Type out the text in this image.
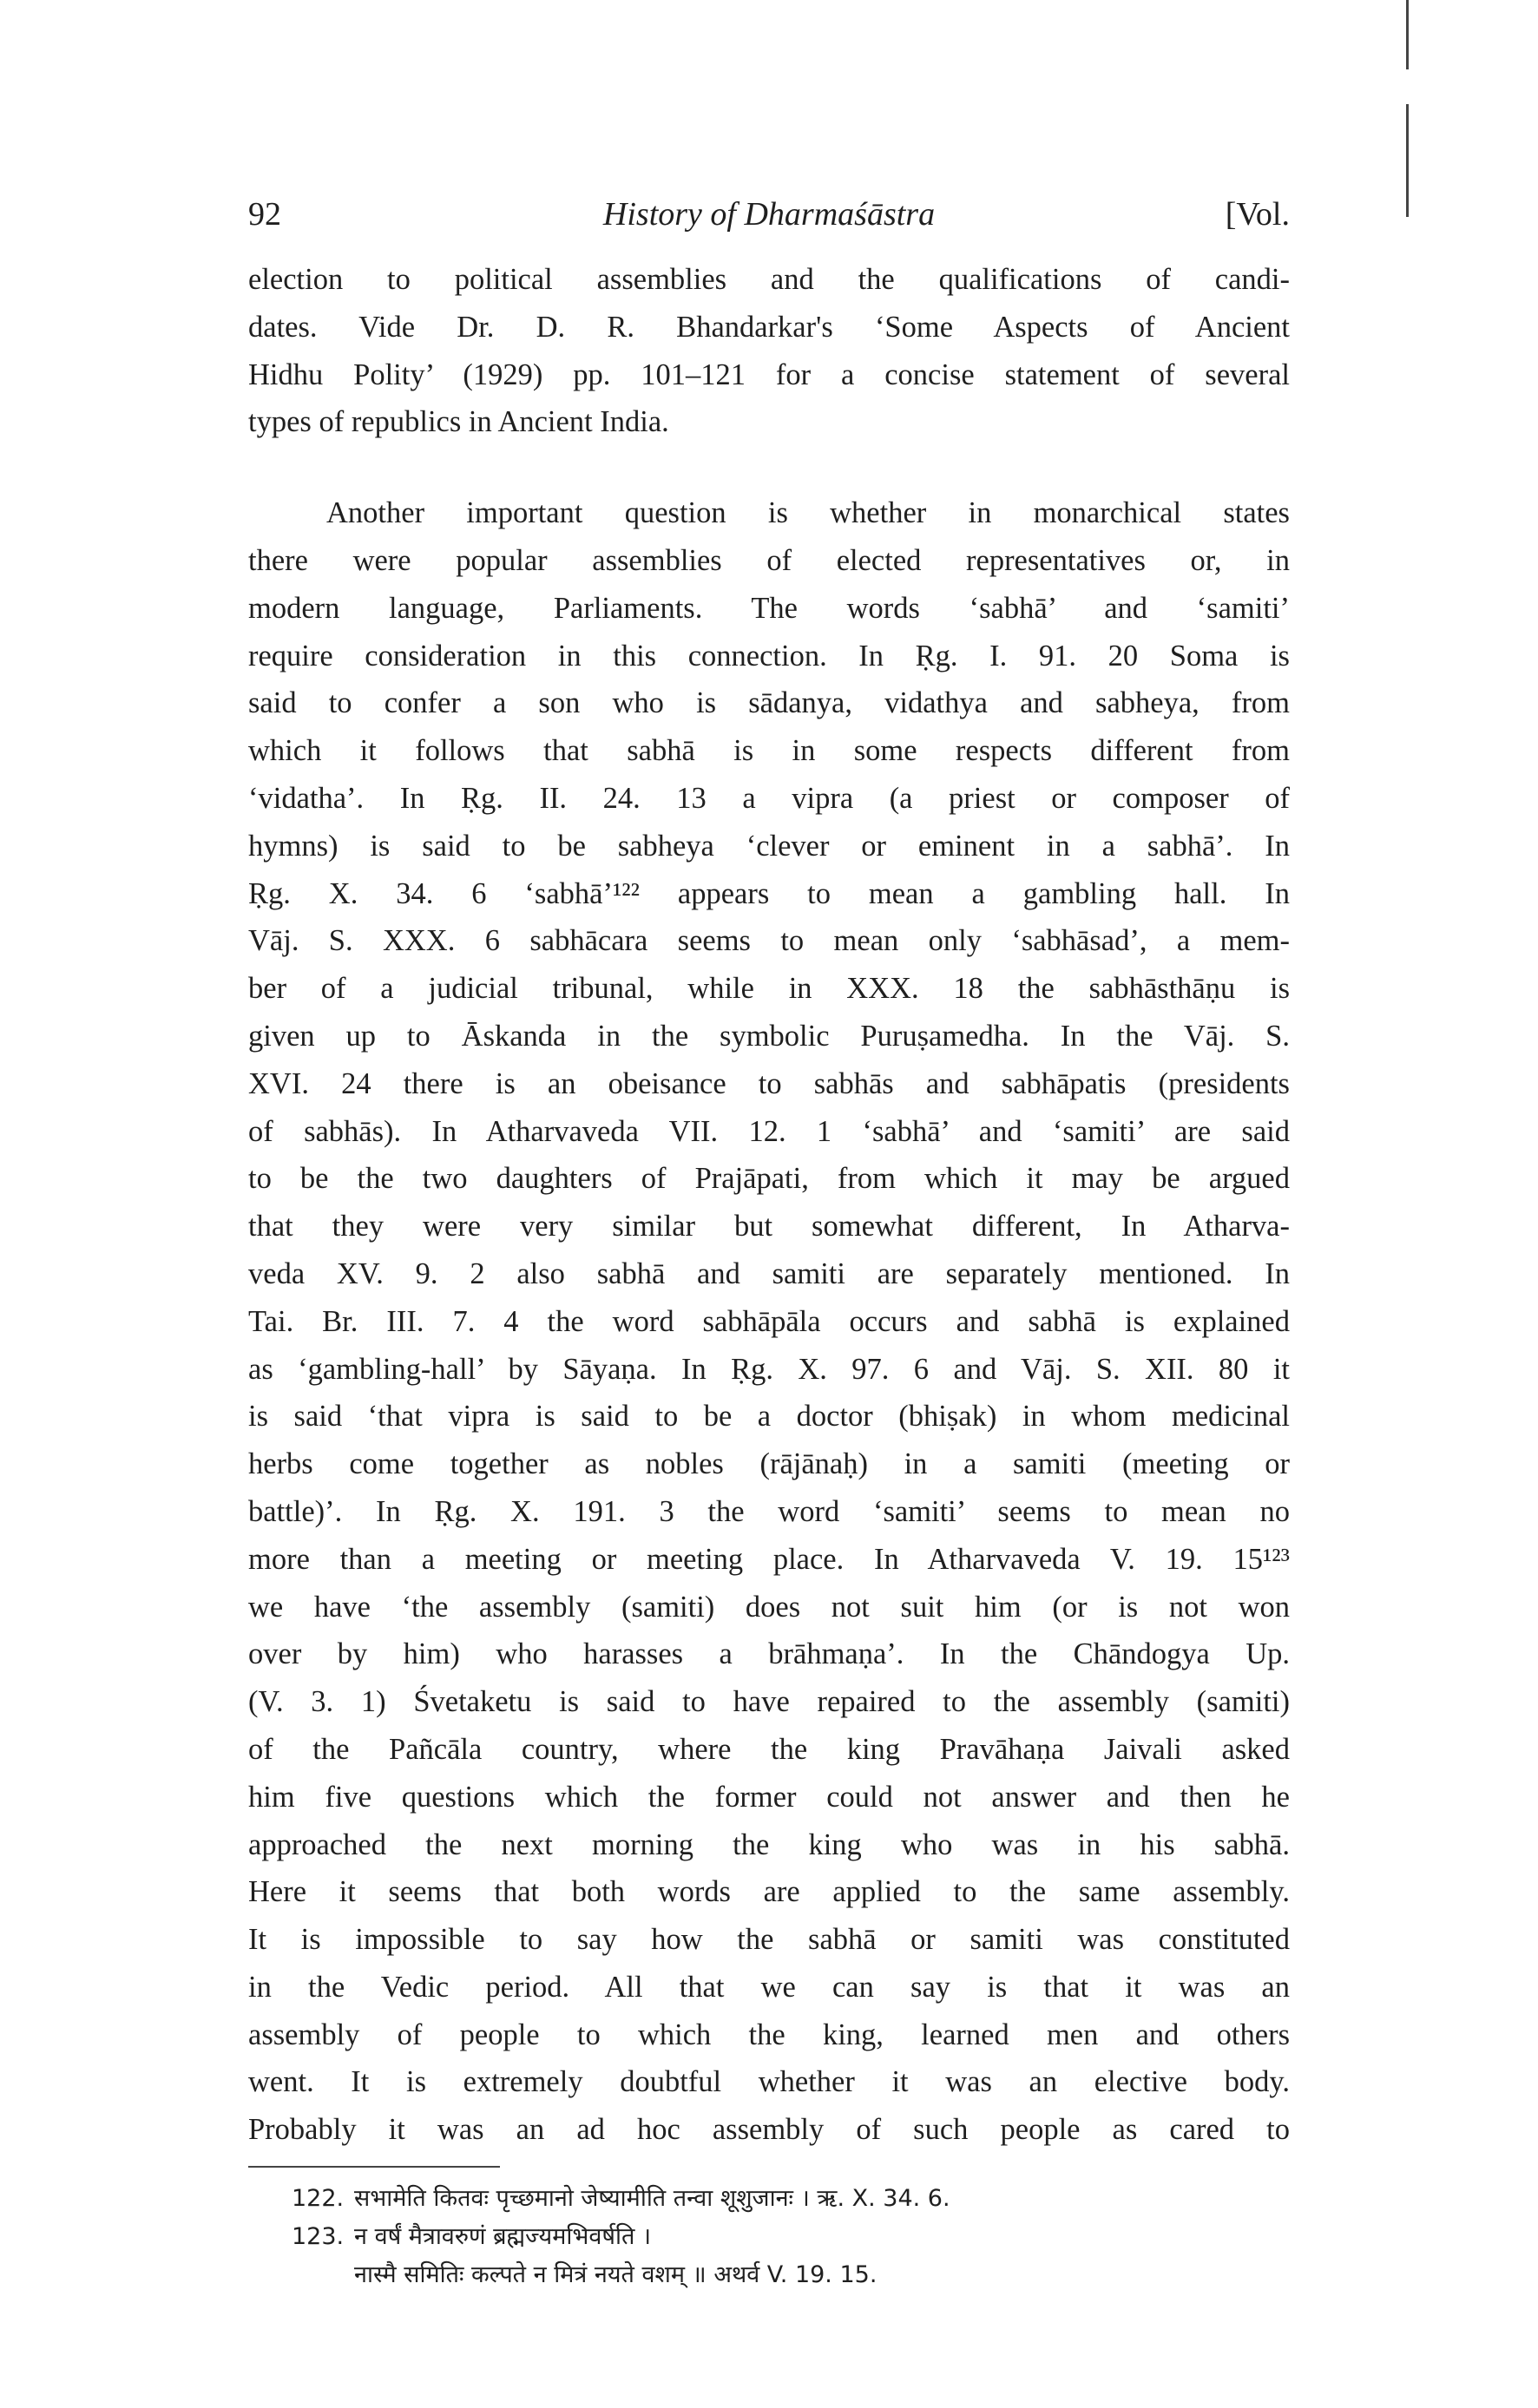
92	History of Dharmaśāstra	[Vol.
election to political assemblies and the qualifications of candi-
dates. Vide Dr. D. R. Bhandarkar's ‘Some Aspects of Ancient
Hidhu Polity’ (1929) pp. 101–121 for a concise statement of several
types of republics in Ancient India.
Another important question is whether in monarchical states
there were popular assemblies of elected representatives or, in
modern language, Parliaments. The words ‘sabhā’ and ‘samiti’
require consideration in this connection. In Ṛg. I. 91. 20 Soma is
said to confer a son who is sādanya, vidathya and sabheya, from
which it follows that sabhā is in some respects different from
‘vidatha’. In Ṛg. II. 24. 13 a vipra (a priest or composer of
hymns) is said to be sabheya ‘clever or eminent in a sabhā’. In
Ṛg. X. 34. 6 ‘sabhā’¹²² appears to mean a gambling hall. In
Vāj. S. XXX. 6 sabhācara seems to mean only ‘sabhāsad’, a mem-
ber of a judicial tribunal, while in XXX. 18 the sabhāsthāṇu is
given up to Āskanda in the symbolic Puruṣamedha. In the Vāj. S.
XVI. 24 there is an obeisance to sabhās and sabhāpatis (presidents
of sabhās). In Atharvaveda VII. 12. 1 ‘sabhā’ and ‘samiti’ are said
to be the two daughters of Prajāpati, from which it may be argued
that they were very similar but somewhat different, In Atharva-
veda XV. 9. 2 also sabhā and samiti are separately mentioned. In
Tai. Br. III. 7. 4 the word sabhāpāla occurs and sabhā is explained
as ‘gambling-hall’ by Sāyaṇa. In Ṛg. X. 97. 6 and Vāj. S. XII. 80 it
is said ‘that vipra is said to be a doctor (bhiṣak) in whom medicinal
herbs come together as nobles (rājānaḥ) in a samiti (meeting or
battle)’. In Ṛg. X. 191. 3 the word ‘samiti’ seems to mean no
more than a meeting or meeting place. In Atharvaveda V. 19. 15¹²³
we have ‘the assembly (samiti) does not suit him (or is not won
over by him) who harasses a brāhmaṇa’. In the Chāndogya Up.
(V. 3. 1) Śvetaketu is said to have repaired to the assembly (samiti)
of the Pañcāla country, where the king Pravāhaṇa Jaivali asked
him five questions which the former could not answer and then he
approached the next morning the king who was in his sabhā.
Here it seems that both words are applied to the same assembly.
It is impossible to say how the sabhā or samiti was constituted
in the Vedic period. All that we can say is that it was an
assembly of people to which the king, learned men and others
went. It is extremely doubtful whether it was an elective body.
Probably it was an ad hoc assembly of such people as cared to
122. सभामेति कितवः पृच्छमानो जेष्यामीति तन्वा शूशुजानः । ऋ. X. 34. 6.
123. न वर्षं मैत्रावरुणं ब्रह्मज्यमभिवर्षति ।
नास्मै समितिः कल्पते न मित्रं नयते वशम् ॥ अथर्व V. 19. 15.
